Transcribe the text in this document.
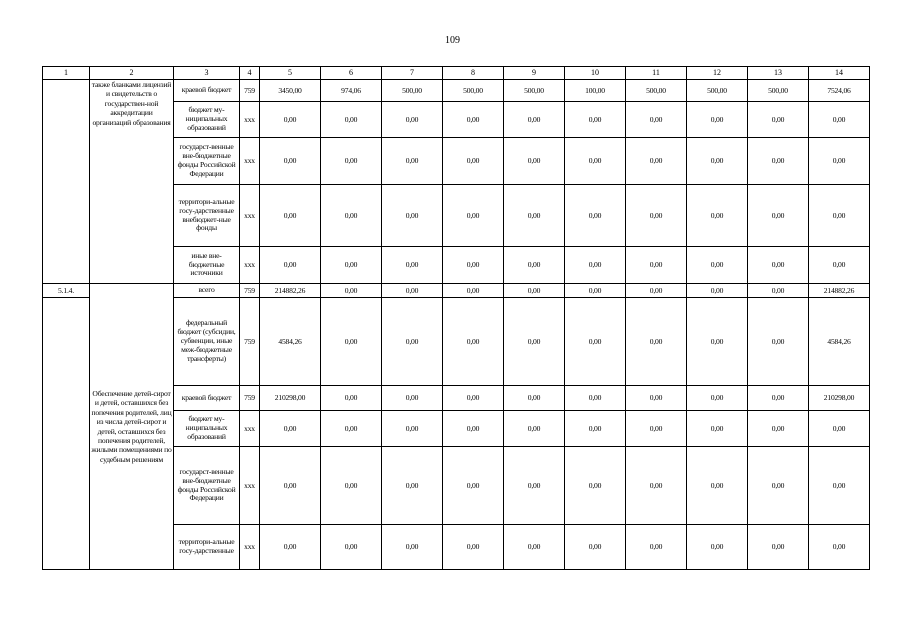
109
1	2	3	4	5	6	7	8	9	10	11	12	13	14
	также бланками лицензий и свидетельств о государствен-ной аккредитации организаций образования	краевой бюджет	759	3450,00	974,06	500,00	500,00	500,00	100,00	500,00	500,00	500,00	7524,06
		бюджет му-ниципальных образований	ххх	0,00	0,00	0,00	0,00	0,00	0,00	0,00	0,00	0,00	0,00
		государст-венные вне-бюджетные фонды Российской Федерации	ххх	0,00	0,00	0,00	0,00	0,00	0,00	0,00	0,00	0,00	0,00
		территори-альные госу-дарственные внебюджет-ные фонды	ххх	0,00	0,00	0,00	0,00	0,00	0,00	0,00	0,00	0,00	0,00
		иные вне-бюджетные источники	ххх	0,00	0,00	0,00	0,00	0,00	0,00	0,00	0,00	0,00	0,00
5.1.4.	Обеспечение детей-сирот и детей, оставшихся без попечения родителей, лиц из числа детей-сирот и детей, оставшихся без попечения родителей, жилыми помещениями по судебным решениям	всего	759	214882,26	0,00	0,00	0,00	0,00	0,00	0,00	0,00	0,00	214882,26
		федеральный бюджет (субсидии, субвенции, иные меж-бюджетные трансферты)	759	4584,26	0,00	0,00	0,00	0,00	0,00	0,00	0,00	0,00	4584,26
		краевой бюджет	759	210298,00	0,00	0,00	0,00	0,00	0,00	0,00	0,00	0,00	210298,00
		бюджет му-ниципальных образований	ххх	0,00	0,00	0,00	0,00	0,00	0,00	0,00	0,00	0,00	0,00
		государст-венные вне-бюджетные фонды Российской Федерации	ххх	0,00	0,00	0,00	0,00	0,00	0,00	0,00	0,00	0,00	0,00
		территори-альные госу-дарственные	ххх	0,00	0,00	0,00	0,00	0,00	0,00	0,00	0,00	0,00	0,00
